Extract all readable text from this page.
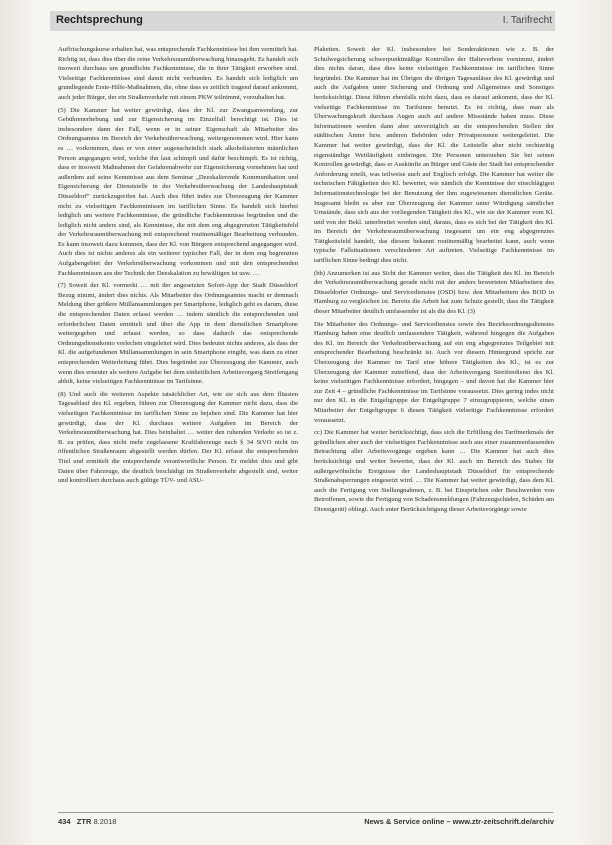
Rechtsprechung	I. Tarifrecht

Auffrischungskurse erhalten hat, was entsprechende Fachkenntnisse bei ihm vermittelt hat. Richtig ist, dass dies über die reine Verkehrsraumüberwachung hinausgeht. Es handelt sich insoweit durchaus um grundlichte Fachkenntnisse, die in ihrer Tätigkeit erworben sind. Vielseitige Fachkenntnisse sind damit nicht verbunden. Es handelt sich lediglich um grundlegende Erste-Hilfe-Maßnahmen, die, ohne dass es zeitlich tragend darauf ankommt, auch jeder Bürger, der ein Straßenverkehr mit einem PKW teilnimmt, vorzuhalten hat.

(5) Die Kammer hat weiter gewürdigt, dass der Kl. zur Zwangsanwendung, zur Gebührenerhebung und zur Eigensicherung im Einzelfall berechtigt ist. Dies ist insbesondere dann der Fall, wenn er in seiner Eigenschaft als Mitarbeiter des Ordnungsamtes im Bereich der Verkehrsüberwachung, weitergenommen wird. Hier kann es … vorkommen, dass er von einer augenscheinlich stark alkoholisierten männlichen Person angegangen wird, welche ihn laut schimpft und dafür beschimpft. Es ist richtig, dass er insoweit Maßnahmen der Gefahrenabwehr zur Eigensicherung vornehmen hat und außerdem auf seine Kenntnisse aus dem Seminar „Deeskalierende Kommunikation und Eigensicherung der Dienststelle in der Verkehrsüberwachung der Landeshauptstadt Düsseldorf“ zurückzugreifen hat. Auch dies führt indes zur Überzeugung der Kammer nicht zu vielseitigen Fachkenntnissen im tariflichen Sinne. Es handelt sich hierbei lediglich um weitere Fachkenntnisse, die gründliche Fachkenntnisse begründen und die lediglich nicht anders sind, als Kenntnisse, die mit dem eng abgegrenzten Tätigkeitsfeld der Verkehrsraumüberwachung mit entsprechend routinemäßiger Bearbeitung verbunden. Es kann insoweit dazu kommen, dass der Kl. von Bürgern entsprechend angegangen wird. Auch dies ist nichts anderes als ein weiterer typischer Fall, der in dem eng begrenzten Aufgabengebiet der Verkehrsüberwachung vorkommen und mit den entsprechenden Fachkenntnissen aus der Technik der Deeskalation zu bewältigen ist usw. …

(7) Soweit der Kl. vormerkt … mit der angesetzten Sofort-App der Stadt Düsseldorf Bezug nimmt, ändert dies nichts. Als Mitarbeiter des Ordnungsamtes macht er demnach Meldung über größere Müllansammlungen per Smartphone, lediglich geht es darum, diese die entsprechenden Daten erfasst werden … indem sämtlich die entsprechenden und erforderlichen Daten ermittelt und über die App in dem dienstlichen Smartphone weitergegeben und erfasst werden, so dass dadurch das entsprechende Ordnungsdienstkonto vorlechen eingeleitet wird. Dies bedeutet nichts anderes, als dass der Kl. die aufgefundenen Müllansammlungen in sein Smartphone eingibt, was dann zu einer entsprechenden Weiterleitung führt. Dies begründet zur Überzeugung der Kammer, auch wenn dies erneuter als weitere Aufgabe bei dem einheitlichen Arbeitsvorgang Streifengang abhilt, keine vielseitigen Fachkenntnisse im Tarifsinne.

(8) Und auch die weiteren Aspekte tatsächlicher Art, wie sie sich aus dem flüssien Tagesablauf des Kl. ergeben, führen zur Überzeugung der Kammer nicht dazu, dass die vielseitigen Fachkenntnisse im tariflichen Sinne zu bejahen sind. Die Kammer hat hier gewürdigt, dass der Kl. durchaus weitere Aufgaben im Bereich der Verkehrsraumüberwachung hat. Dies beinhaltet … weiter den ruhenden Verkehr so ist z. B. zu prüfen, dass nicht mehr zugelassene Kraftfahrzeuge nach § 34 StVO nicht im öffentlichen Straßenraum abgestellt werden dürfen. Der Kl. erfasst die entsprechenden Titel und ermittelt die entsprechende verantwortliche Person. Er meldet dies und gibt Daten über Fahrzeuge, die deutlich beschädigt im Straßenverkehr abgestellt sind, weiter und kontrolliert durchaus auch gültige TÜV- und ASU-

Plaketten. Soweit der Kl. insbesondere bei Sonderaktionen wie z. B. der Schulwegsicherung schwerpunktmäßige Kontrollen der Halteverbote vornimmt, ändert dies nichts daran, dass dies keine vielseitigen Fachkenntnisse im tariflichen Sinne begründet. Die Kammer hat im Übrigen die übrigen Tagesanlässe des Kl. gewürdigt und auch die Aufgaben unter Sicherung und Ordnung und Allgemeines und Sonstiges berücksichtigt. Diese führen ebenfalls nicht dazu, dass es darauf ankommt, dass der Kl. vielseitige Fachkenntnisse im Tarifsinne benutzt. Es ist richtig, dass man als Überwachungskraft durchaus Augen auch auf andere Missstände haben muss. Diese Informationen werden dann aber unverzüglich an die entsprechenden Stellen der städtischen Ämter bzw. anderen Behörden oder Privatpersonen weitergeleitet. Die Kammer hat weiter gewürdigt, dass der Kl. die Leitstelle aber nicht rechtzeitig eigenständige Weitläufigkeit einbringen. Die Personen unterstehen Sie bei seinen Kontrollen gewürdigt, dass er Auskünfte an Bürger und Gäste der Stadt bei entsprechender Anforderung erteilt, was teilweise auch auf Englisch erfolgt. Die Kammer hat weiter die technischen Fähigkeiten des Kl. bewertet, wie nämlich die Kenntnisse der einschlägigen Informationstechnologie bei der Benutzung der ihm zugewiesenen dienstlichen Geräte. Insgesamt bleibt es aber zur Überzeugung der Kammer unter Würdigung sämtlicher Umstände, dass sich aus der vorliegenden Tätigkeit des Kl., wie sie der Kammer vom Kl. und von der Bekl. unterbreitet worden sind, daraus, dass es sich bei der Tätigkeit des Kl. im Bereich der Verkehrsraumüberwachung insgesamt um ein eng abgegrenztes Tätigkeitsfeld handelt, das diesem bekannt routinemäßig bearbeitet kann, auch wenn typische Fallsituationen verschiedener Art auftreten. Vielseitige Fachkenntnisse im tariflichen Sinne bedingt dies nicht.

(bb) Anzumerken ist aus Sicht der Kammer weiter, dass die Tätigkeit des Kl. im Bereich der Verkehrsraumüberwachung gerade nicht mit der anders bewerteten Mitarbeitern des Düsseldorfer Ordnungs- und Servicedienstes (OSD) bzw. den Mitarbeitern des BOD in Hamburg zu vergleichen ist. Bereits die Arbeit hat zum Schutz gestellt, dass die Tätigkeit dieser Mitarbeiter deutlich umfassender ist als die des Kl. (3)

Die Mitarbeiter des Ordnungs- und Servicedienstes sowie des Bezirksordnungsdienstes Hamburg haben eine deutlich umfassendere Tätigkeit, während hingegen die Aufgaben des Kl. im Bereich der Verkehrsüberwachung auf ein eng abgegrenztes Teilgebiet mit entsprechender Bearbeitung beschränkt ist. Auch vor diesem Hintergrund spricht zur Überzeugung der Kammer im Tarif eine höhere Tätigkeiten des Kl., ist es zur Überzeugung der Kammer zutreffend, dass der Arbeitsvorgang Streifendienst des Kl. keine vielseitigen Fachkenntnisse erfordert, hingegen – und davon hat die Kammer hier zur Zeit 4 – gründliche Fachkenntnisse im Tarifsinne voraussetzt. Dies gering indes nicht nur den Kl. in die Entgeltgruppe der Entgeltgruppe 7 einzugruppieren, welche einen Mitarbeiter der Entgeltgruppe 6 diesen Tätigkeit vielseitige Fachkenntnisse erfordert voraussetzt.

cc) Die Kammer hat weiter berücksichtigt, dass sich die Erfüllung des Tarifmerkmals der gründlichen aber auch der vielseitigen Fachkenntnisse auch aus einer zusammenfassenden Betrachtung aller Arbeitsvorgänge ergeben kann … Die Kammer hat auch dies berücksichtigt und weiter bewertet, dass der Kl. auch im Bereich des Stabes für außergewöhnliche Ereignisse der Landeshauptstadt Düsseldorf für entsprechende Straßenabsperrungen eingesetzt wird. … Die Kammer hat weiter gewürdigt, dass dem Kl. auch die Fertigung von Stellungnahmen, z. B. bei Einsprüchen oder Beschwerden von Betroffenen, sowie die Fertigung von Schadensmeldungen (Fahrzeugschäden, Schäden am Dienstgerät) obliegt. Auch unter Berücksichtigung dieser Arbeitsvorgänge sowie

434 ZTR 8.2018	News & Service online – www.ztr-zeitschrift.de/archiv
